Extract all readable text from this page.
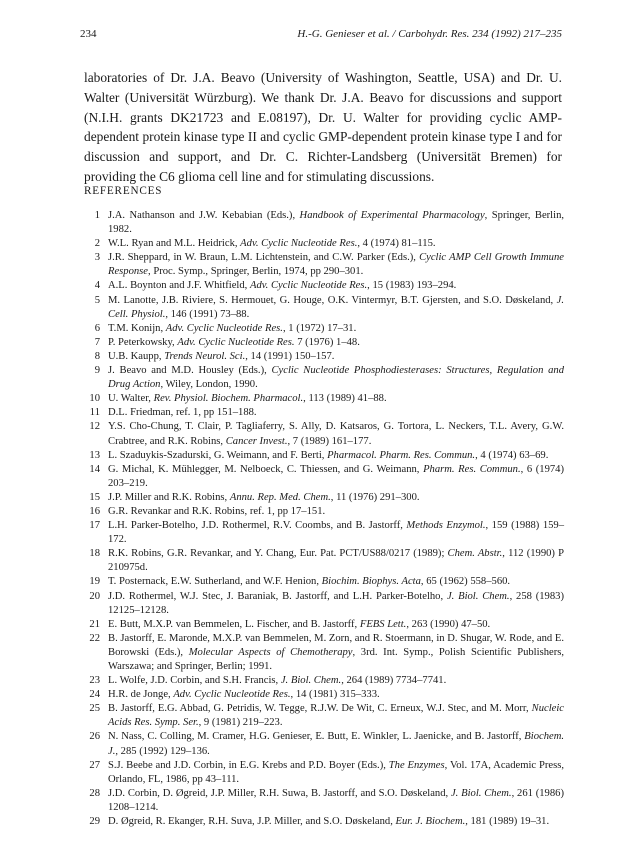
234	H.-G. Genieser et al. / Carbohydr. Res. 234 (1992) 217–235

laboratories of Dr. J.A. Beavo (University of Washington, Seattle, USA) and Dr. U. Walter (Universität Würzburg). We thank Dr. J.A. Beavo for discussions and support (N.I.H. grants DK21723 and E.08197), Dr. U. Walter for providing cyclic AMP-dependent protein kinase type II and cyclic GMP-dependent protein kinase type I and for discussion and support, and Dr. C. Richter-Landsberg (Universität Bremen) for providing the C6 glioma cell line and for stimulating discussions.

REFERENCES
1 J.A. Nathanson and J.W. Kebabian (Eds.), Handbook of Experimental Pharmacology, Springer, Berlin, 1982.
2 W.L. Ryan and M.L. Heidrick, Adv. Cyclic Nucleotide Res., 4 (1974) 81–115.
3 J.R. Sheppard, in W. Braun, L.M. Lichtenstein, and C.W. Parker (Eds.), Cyclic AMP Cell Growth Immune Response, Proc. Symp., Springer, Berlin, 1974, pp 290–301.
4 A.L. Boynton and J.F. Whitfield, Adv. Cyclic Nucleotide Res., 15 (1983) 193–294.
5 M. Lanotte, J.B. Riviere, S. Hermouet, G. Houge, O.K. Vintermyr, B.T. Gjersten, and S.O. Døskeland, J. Cell. Physiol., 146 (1991) 73–88.
6 T.M. Konijn, Adv. Cyclic Nucleotide Res., 1 (1972) 17–31.
7 P. Peterkowsky, Adv. Cyclic Nucleotide Res. 7 (1976) 1–48.
8 U.B. Kaupp, Trends Neurol. Sci., 14 (1991) 150–157.
9 J. Beavo and M.D. Housley (Eds.), Cyclic Nucleotide Phosphodiesterases: Structures, Regulation and Drug Action, Wiley, London, 1990.
10 U. Walter, Rev. Physiol. Biochem. Pharmacol., 113 (1989) 41–88.
11 D.L. Friedman, ref. 1, pp 151–188.
12 Y.S. Cho-Chung, T. Clair, P. Tagliaferry, S. Ally, D. Katsaros, G. Tortora, L. Neckers, T.L. Avery, G.W. Crabtree, and R.K. Robins, Cancer Invest., 7 (1989) 161–177.
13 L. Szaduykis-Szadurski, G. Weimann, and F. Berti, Pharmacol. Pharm. Res. Commun., 4 (1974) 63–69.
14 G. Michal, K. Mühlegger, M. Nelboeck, C. Thiessen, and G. Weimann, Pharm. Res. Commun., 6 (1974) 203–219.
15 J.P. Miller and R.K. Robins, Annu. Rep. Med. Chem., 11 (1976) 291–300.
16 G.R. Revankar and R.K. Robins, ref. 1, pp 17–151.
17 L.H. Parker-Botelho, J.D. Rothermel, R.V. Coombs, and B. Jastorff, Methods Enzymol., 159 (1988) 159–172.
18 R.K. Robins, G.R. Revankar, and Y. Chang, Eur. Pat. PCT/US88/0217 (1989); Chem. Abstr., 112 (1990) P 210975d.
19 T. Posternack, E.W. Sutherland, and W.F. Henion, Biochim. Biophys. Acta, 65 (1962) 558–560.
20 J.D. Rothermel, W.J. Stec, J. Baraniak, B. Jastorff, and L.H. Parker-Botelho, J. Biol. Chem., 258 (1983) 12125–12128.
21 E. Butt, M.X.P. van Bemmelen, L. Fischer, and B. Jastorff, FEBS Lett., 263 (1990) 47–50.
22 B. Jastorff, E. Maronde, M.X.P. van Bemmelen, M. Zorn, and R. Stoermann, in D. Shugar, W. Rode, and E. Borowski (Eds.), Molecular Aspects of Chemotherapy, 3rd. Int. Symp., Polish Scientific Publishers, Warszawa; and Springer, Berlin; 1991.
23 L. Wolfe, J.D. Corbin, and S.H. Francis, J. Biol. Chem., 264 (1989) 7734–7741.
24 H.R. de Jonge, Adv. Cyclic Nucleotide Res., 14 (1981) 315–333.
25 B. Jastorff, E.G. Abbad, G. Petridis, W. Tegge, R.J.W. De Wit, C. Erneux, W.J. Stec, and M. Morr, Nucleic Acids Res. Symp. Ser., 9 (1981) 219–223.
26 N. Nass, C. Colling, M. Cramer, H.G. Genieser, E. Butt, E. Winkler, L. Jaenicke, and B. Jastorff, Biochem. J., 285 (1992) 129–136.
27 S.J. Beebe and J.D. Corbin, in E.G. Krebs and P.D. Boyer (Eds.), The Enzymes, Vol. 17A, Academic Press, Orlando, FL, 1986, pp 43–111.
28 J.D. Corbin, D. Øgreid, J.P. Miller, R.H. Suwa, B. Jastorff, and S.O. Døskeland, J. Biol. Chem., 261 (1986) 1208–1214.
29 D. Øgreid, R. Ekanger, R.H. Suva, J.P. Miller, and S.O. Døskeland, Eur. J. Biochem., 181 (1989) 19–31.
